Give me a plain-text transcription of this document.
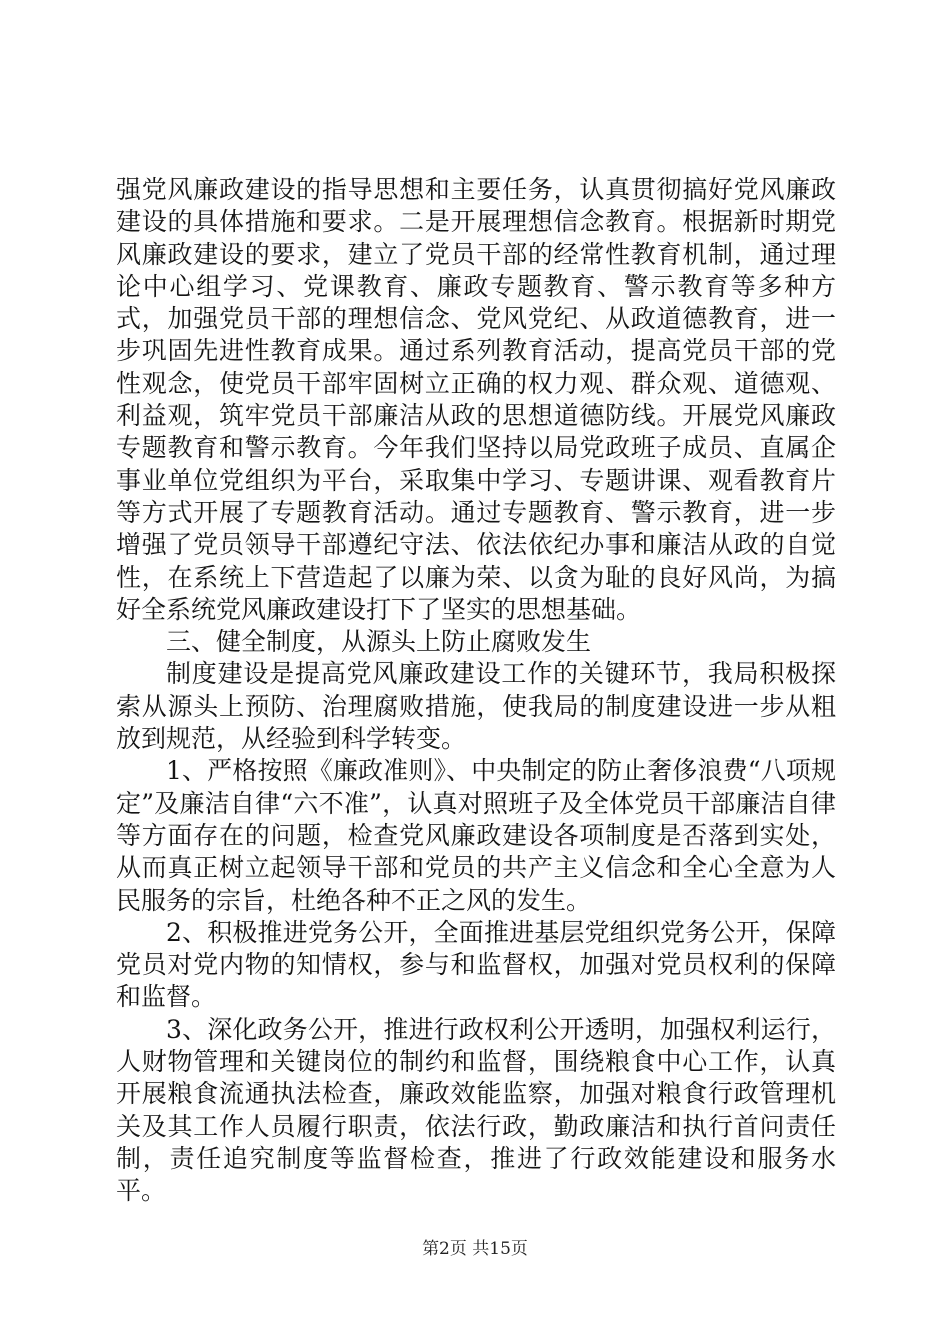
强党风廉政建设的指导思想和主要任务，认真贯彻搞好党风廉政建设的具体措施和要求。二是开展理想信念教育。根据新时期党风廉政建设的要求，建立了党员干部的经常性教育机制，通过理论中心组学习、党课教育、廉政专题教育、警示教育等多种方式，加强党员干部的理想信念、党风党纪、从政道德教育，进一步巩固先进性教育成果。通过系列教育活动，提高党员干部的党性观念，使党员干部牢固树立正确的权力观、群众观、道德观、利益观，筑牢党员干部廉洁从政的思想道德防线。开展党风廉政专题教育和警示教育。今年我们坚持以局党政班子成员、直属企事业单位党组织为平台，采取集中学习、专题讲课、观看教育片等方式开展了专题教育活动。通过专题教育、警示教育，进一步增强了党员领导干部遵纪守法、依法依纪办事和廉洁从政的自觉性，在系统上下营造起了以廉为荣、以贪为耻的良好风尚，为搞好全系统党风廉政建设打下了坚实的思想基础。

三、健全制度，从源头上防止腐败发生

制度建设是提高党风廉政建设工作的关键环节，我局积极探索从源头上预防、治理腐败措施，使我局的制度建设进一步从粗放到规范，从经验到科学转变。

1、严格按照《廉政准则》、中央制定的防止奢侈浪费“八项规定”及廉洁自律“六不准”，认真对照班子及全体党员干部廉洁自律等方面存在的问题，检查党风廉政建设各项制度是否落到实处，从而真正树立起领导干部和党员的共产主义信念和全心全意为人民服务的宗旨，杜绝各种不正之风的发生。

2、积极推进党务公开，全面推进基层党组织党务公开，保障党员对党内物的知情权，参与和监督权，加强对党员权利的保障和监督。

3、深化政务公开，推进行政权利公开透明，加强权利运行，人财物管理和关键岗位的制约和监督，围绕粮食中心工作，认真开展粮食流通执法检查，廉政效能监察，加强对粮食行政管理机关及其工作人员履行职责，依法行政，勤政廉洁和执行首问责任制，责任追究制度等监督检查，推进了行政效能建设和服务水平。

第2页 共15页
